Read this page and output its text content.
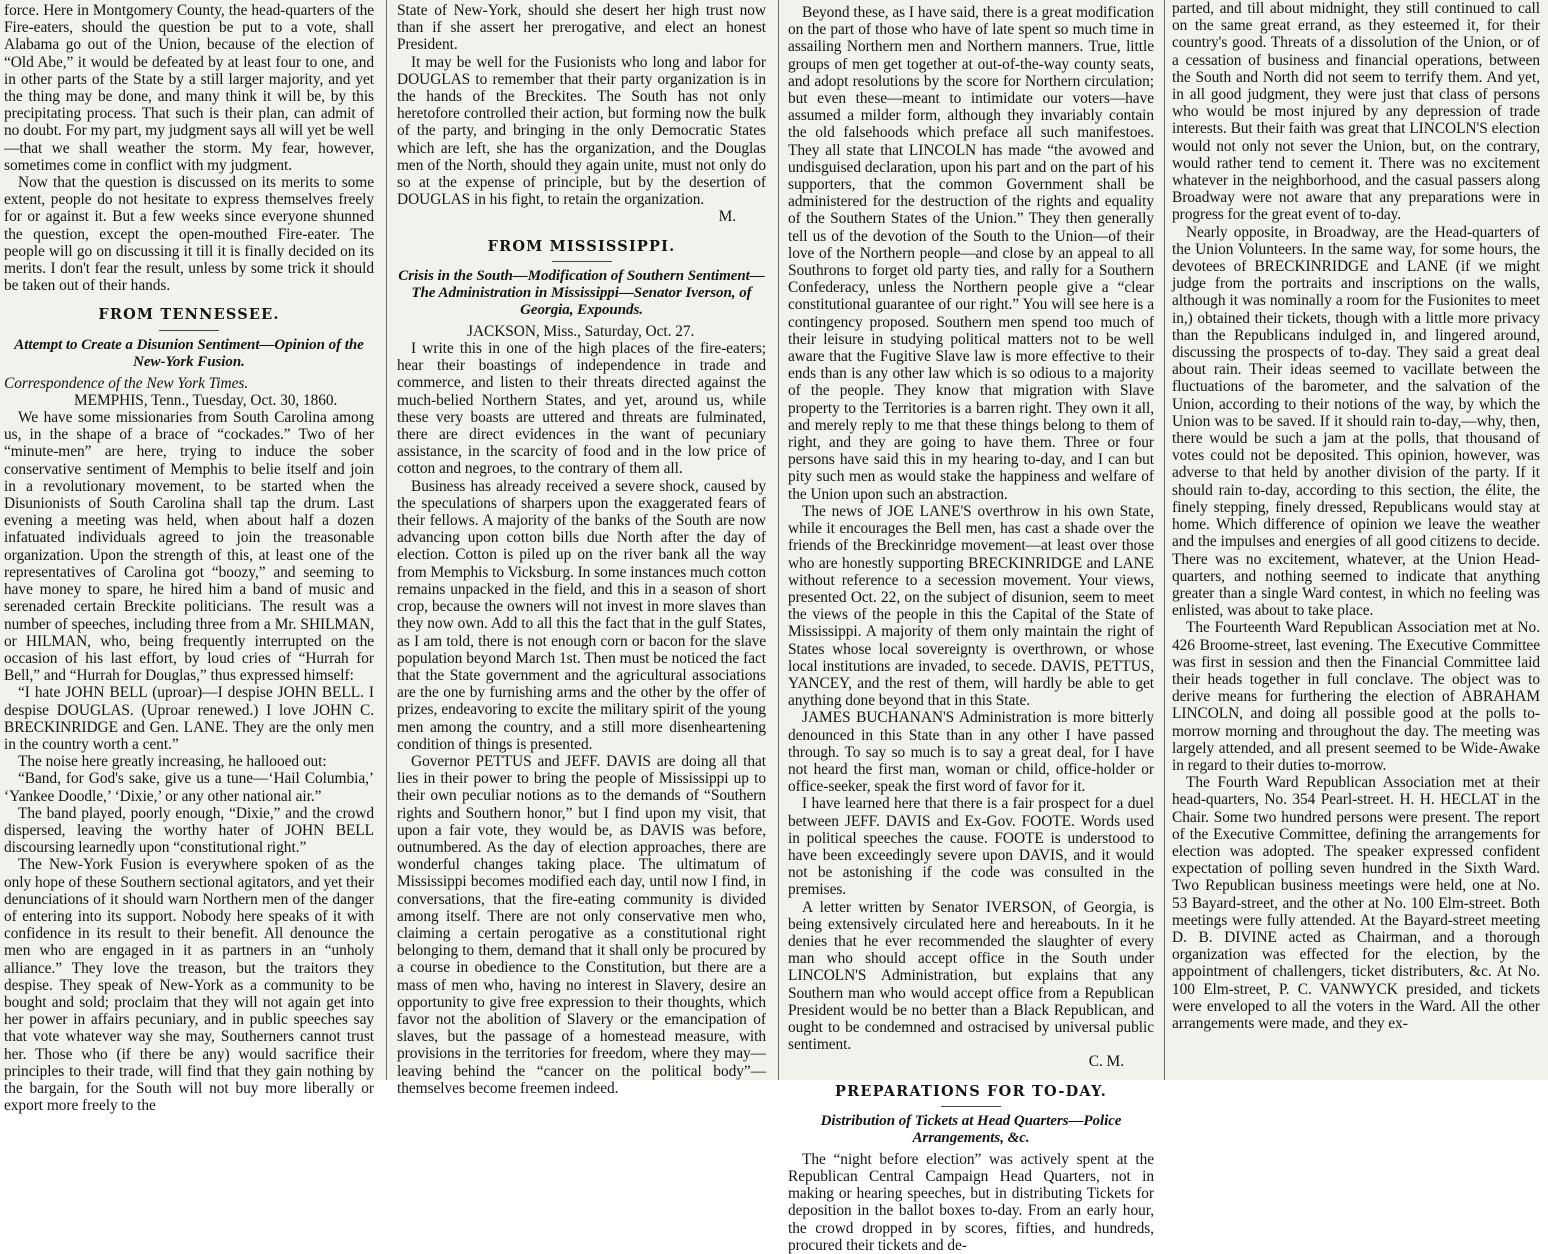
force. Here in Montgomery County, the head-quarters of the Fire-eaters, should the question be put to a vote, shall Alabama go out of the Union, because of the election of “Old Abe,” it would be defeated by at least four to one, and in other parts of the State by a still larger majority, and yet the thing may be done, and many think it will be, by this precipitating process. That such is their plan, can admit of no doubt. For my part, my judgment says all will yet be well—that we shall weather the storm. My fear, however, sometimes come in conflict with my judgment.

Now that the question is discussed on its merits to some extent, people do not hesitate to express themselves freely for or against it. But a few weeks since everyone shunned the question, except the open-mouthed Fire-eater. The people will go on discussing it till it is finally decided on its merits. I don't fear the result, unless by some trick it should be taken out of their hands.

FROM TENNESSEE.
Attempt to Create a Disunion Sentiment—Opinion of the New-York Fusion.

Correspondence of the New York Times.

MEMPHIS, Tenn., Tuesday, Oct. 30, 1860.

We have some missionaries from South Carolina among us, in the shape of a brace of “cockades.” Two of her “minute-men” are here, trying to induce the sober conservative sentiment of Memphis to belie itself and join in a revolutionary movement, to be started when the Disunionists of South Carolina shall tap the drum. Last evening a meeting was held, when about half a dozen infatuated individuals agreed to join the treasonable organization. Upon the strength of this, at least one of the representatives of Carolina got “boozy,” and seeming to have money to spare, he hired him a band of music and serenaded certain Breckite politicians. The result was a number of speeches, including three from a Mr. SHILMAN, or HILMAN, who, being frequently interrupted on the occasion of his last effort, by loud cries of “Hurrah for Bell,” and “Hurrah for Douglas,” thus expressed himself:

“I hate JOHN BELL (uproar)—I despise JOHN BELL. I despise DOUGLAS. (Uproar renewed.) I love JOHN C. BRECKINRIDGE and Gen. LANE. They are the only men in the country worth a cent.”

The noise here greatly increasing, he hallooed out:

“Band, for God's sake, give us a tune—‘Hail Columbia,’ ‘Yankee Doodle,’ ‘Dixie,’ or any other national air.”

The band played, poorly enough, “Dixie,” and the crowd dispersed, leaving the worthy hater of JOHN BELL discoursing learnedly upon “constitutional right.”

The New-York Fusion is everywhere spoken of as the only hope of these Southern sectional agitators, and yet their denunciations of it should warn Northern men of the danger of entering into its support. Nobody here speaks of it with confidence in its result to their benefit. All denounce the men who are engaged in it as partners in an “unholy alliance.” They love the treason, but the traitors they despise. They speak of New-York as a community to be bought and sold; proclaim that they will not again get into her power in affairs pecuniary, and in public speeches say that vote whatever way she may, Southerners cannot trust her. Those who (if there be any) would sacrifice their principles to their trade, will find that they gain nothing by the bargain, for the South will not buy more liberally or export more freely to the

State of New-York, should she desert her high trust now than if she assert her prerogative, and elect an honest President.

It may be well for the Fusionists who long and labor for DOUGLAS to remember that their party organization is in the hands of the Breckites. The South has not only heretofore controlled their action, but forming now the bulk of the party, and bringing in the only Democratic States which are left, she has the organization, and the Douglas men of the North, should they again unite, must not only do so at the expense of principle, but by the desertion of DOUGLAS in his fight, to retain the organization.

M.

FROM MISSISSIPPI.
Crisis in the South—Modification of Southern Sentiment—The Administration in Mississippi—Senator Iverson, of Georgia, Expounds.

JACKSON, Miss., Saturday, Oct. 27.

I write this in one of the high places of the fire-eaters; hear their boastings of independence in trade and commerce, and listen to their threats directed against the much-belied Northern States, and yet, around us, while these very boasts are uttered and threats are fulminated, there are direct evidences in the want of pecuniary assistance, in the scarcity of food and in the low price of cotton and negroes, to the contrary of them all.

Business has already received a severe shock, caused by the speculations of sharpers upon the exaggerated fears of their fellows. A majority of the banks of the South are now advancing upon cotton bills due North after the day of election. Cotton is piled up on the river bank all the way from Memphis to Vicksburg. In some instances much cotton remains unpacked in the field, and this in a season of short crop, because the owners will not invest in more slaves than they now own. Add to all this the fact that in the gulf States, as I am told, there is not enough corn or bacon for the slave population beyond March 1st. Then must be noticed the fact that the State government and the agricultural associations are the one by furnishing arms and the other by the offer of prizes, endeavoring to excite the military spirit of the young men among the country, and a still more disenheartening condition of things is presented.

Governor PETTUS and JEFF. DAVIS are doing all that lies in their power to bring the people of Mississippi up to their own peculiar notions as to the demands of “Southern rights and Southern honor,” but I find upon my visit, that upon a fair vote, they would be, as DAVIS was before, outnumbered. As the day of election approaches, there are wonderful changes taking place. The ultimatum of Mississippi becomes modified each day, until now I find, in conversations, that the fire-eating community is divided among itself. There are not only conservative men who, claiming a certain perogative as a constitutional right belonging to them, demand that it shall only be procured by a course in obedience to the Constitution, but there are a mass of men who, having no interest in Slavery, desire an opportunity to give free expression to their thoughts, which favor not the abolition of Slavery or the emancipation of slaves, but the passage of a homestead measure, with provisions in the territories for freedom, where they may—leaving behind the “cancer on the political body”—themselves become freemen indeed.

Beyond these, as I have said, there is a great modification on the part of those who have of late spent so much time in assailing Northern men and Northern manners. True, little groups of men get together at out-of-the-way county seats, and adopt resolutions by the score for Northern circulation; but even these—meant to intimidate our voters—have assumed a milder form, although they invariably contain the old falsehoods which preface all such manifestoes. They all state that LINCOLN has made “the avowed and undisguised declaration, upon his part and on the part of his supporters, that the common Government shall be administered for the destruction of the rights and equality of the Southern States of the Union.” They then generally tell us of the devotion of the South to the Union—of their love of the Northern people—and close by an appeal to all Southrons to forget old party ties, and rally for a Southern Confederacy, unless the Northern people give a “clear constitutional guarantee of our right.” You will see here is a contingency proposed. Southern men spend too much of their leisure in studying political matters not to be well aware that the Fugitive Slave law is more effective to their ends than is any other law which is so odious to a majority of the people. They know that migration with Slave property to the Territories is a barren right. They own it all, and merely reply to me that these things belong to them of right, and they are going to have them. Three or four persons have said this in my hearing to-day, and I can but pity such men as would stake the happiness and welfare of the Union upon such an abstraction.

The news of JOE LANE'S overthrow in his own State, while it encourages the Bell men, has cast a shade over the friends of the Breckinridge movement—at least over those who are honestly supporting BRECKINRIDGE and LANE without reference to a secession movement. Your views, presented Oct. 22, on the subject of disunion, seem to meet the views of the people in this the Capital of the State of Mississippi. A majority of them only maintain the right of States whose local sovereignty is overthrown, or whose local institutions are invaded, to secede. DAVIS, PETTUS, YANCEY, and the rest of them, will hardly be able to get anything done beyond that in this State.

JAMES BUCHANAN'S Administration is more bitterly denounced in this State than in any other I have passed through. To say so much is to say a great deal, for I have not heard the first man, woman or child, office-holder or office-seeker, speak the first word of favor for it.

I have learned here that there is a fair prospect for a duel between JEFF. DAVIS and Ex-Gov. FOOTE. Words used in political speeches the cause. FOOTE is understood to have been exceedingly severe upon DAVIS, and it would not be astonishing if the code was consulted in the premises.

A letter written by Senator IVERSON, of Georgia, is being extensively circulated here and hereabouts. In it he denies that he ever recommended the slaughter of every man who should accept office in the South under LINCOLN'S Administration, but explains that any Southern man who would accept office from a Republican President would be no better than a Black Republican, and ought to be condemned and ostracised by universal public sentiment.

C. M.

PREPARATIONS FOR TO-DAY.
Distribution of Tickets at Head Quarters—Police Arrangements, &c.

The “night before election” was actively spent at the Republican Central Campaign Head Quarters, not in making or hearing speeches, but in distributing Tickets for deposition in the ballot boxes to-day. From an early hour, the crowd dropped in by scores, fifties, and hundreds, procured their tickets and de-

parted, and till about midnight, they still continued to call on the same great errand, as they esteemed it, for their country's good. Threats of a dissolution of the Union, or of a cessation of business and financial operations, between the South and North did not seem to terrify them. And yet, in all good judgment, they were just that class of persons who would be most injured by any depression of trade interests. But their faith was great that LINCOLN'S election would not only not sever the Union, but, on the contrary, would rather tend to cement it. There was no excitement whatever in the neighborhood, and the casual passers along Broadway were not aware that any preparations were in progress for the great event of to-day.

Nearly opposite, in Broadway, are the Head-quarters of the Union Volunteers. In the same way, for some hours, the devotees of BRECKINRIDGE and LANE (if we might judge from the portraits and inscriptions on the walls, although it was nominally a room for the Fusionites to meet in,) obtained their tickets, though with a little more privacy than the Republicans indulged in, and lingered around, discussing the prospects of to-day. They said a great deal about rain. Their ideas seemed to vacillate between the fluctuations of the barometer, and the salvation of the Union, according to their notions of the way, by which the Union was to be saved. If it should rain to-day,—why, then, there would be such a jam at the polls, that thousand of votes could not be deposited. This opinion, however, was adverse to that held by another division of the party. If it should rain to-day, according to this section, the élite, the finely stepping, finely dressed, Republicans would stay at home. Which difference of opinion we leave the weather and the impulses and energies of all good citizens to decide. There was no excitement, whatever, at the Union Head-quarters, and nothing seemed to indicate that anything greater than a single Ward contest, in which no feeling was enlisted, was about to take place.

The Fourteenth Ward Republican Association met at No. 426 Broome-street, last evening. The Executive Committee was first in session and then the Financial Committee laid their heads together in full conclave. The object was to derive means for furthering the election of ABRAHAM LINCOLN, and doing all possible good at the polls to-morrow morning and throughout the day. The meeting was largely attended, and all present seemed to be Wide-Awake in regard to their duties to-morrow.

The Fourth Ward Republican Association met at their head-quarters, No. 354 Pearl-street. H. H. HECLAT in the Chair. Some two hundred persons were present. The report of the Executive Committee, defining the arrangements for election was adopted. The speaker expressed confident expectation of polling seven hundred in the Sixth Ward. Two Republican business meetings were held, one at No. 53 Bayard-street, and the other at No. 100 Elm-street. Both meetings were fully attended. At the Bayard-street meeting D. B. DIVINE acted as Chairman, and a thorough organization was effected for the election, by the appointment of challengers, ticket distributers, &c. At No. 100 Elm-street, P. C. VANWYCK presided, and tickets were enveloped to all the voters in the Ward. All the other arrangements were made, and they ex-
